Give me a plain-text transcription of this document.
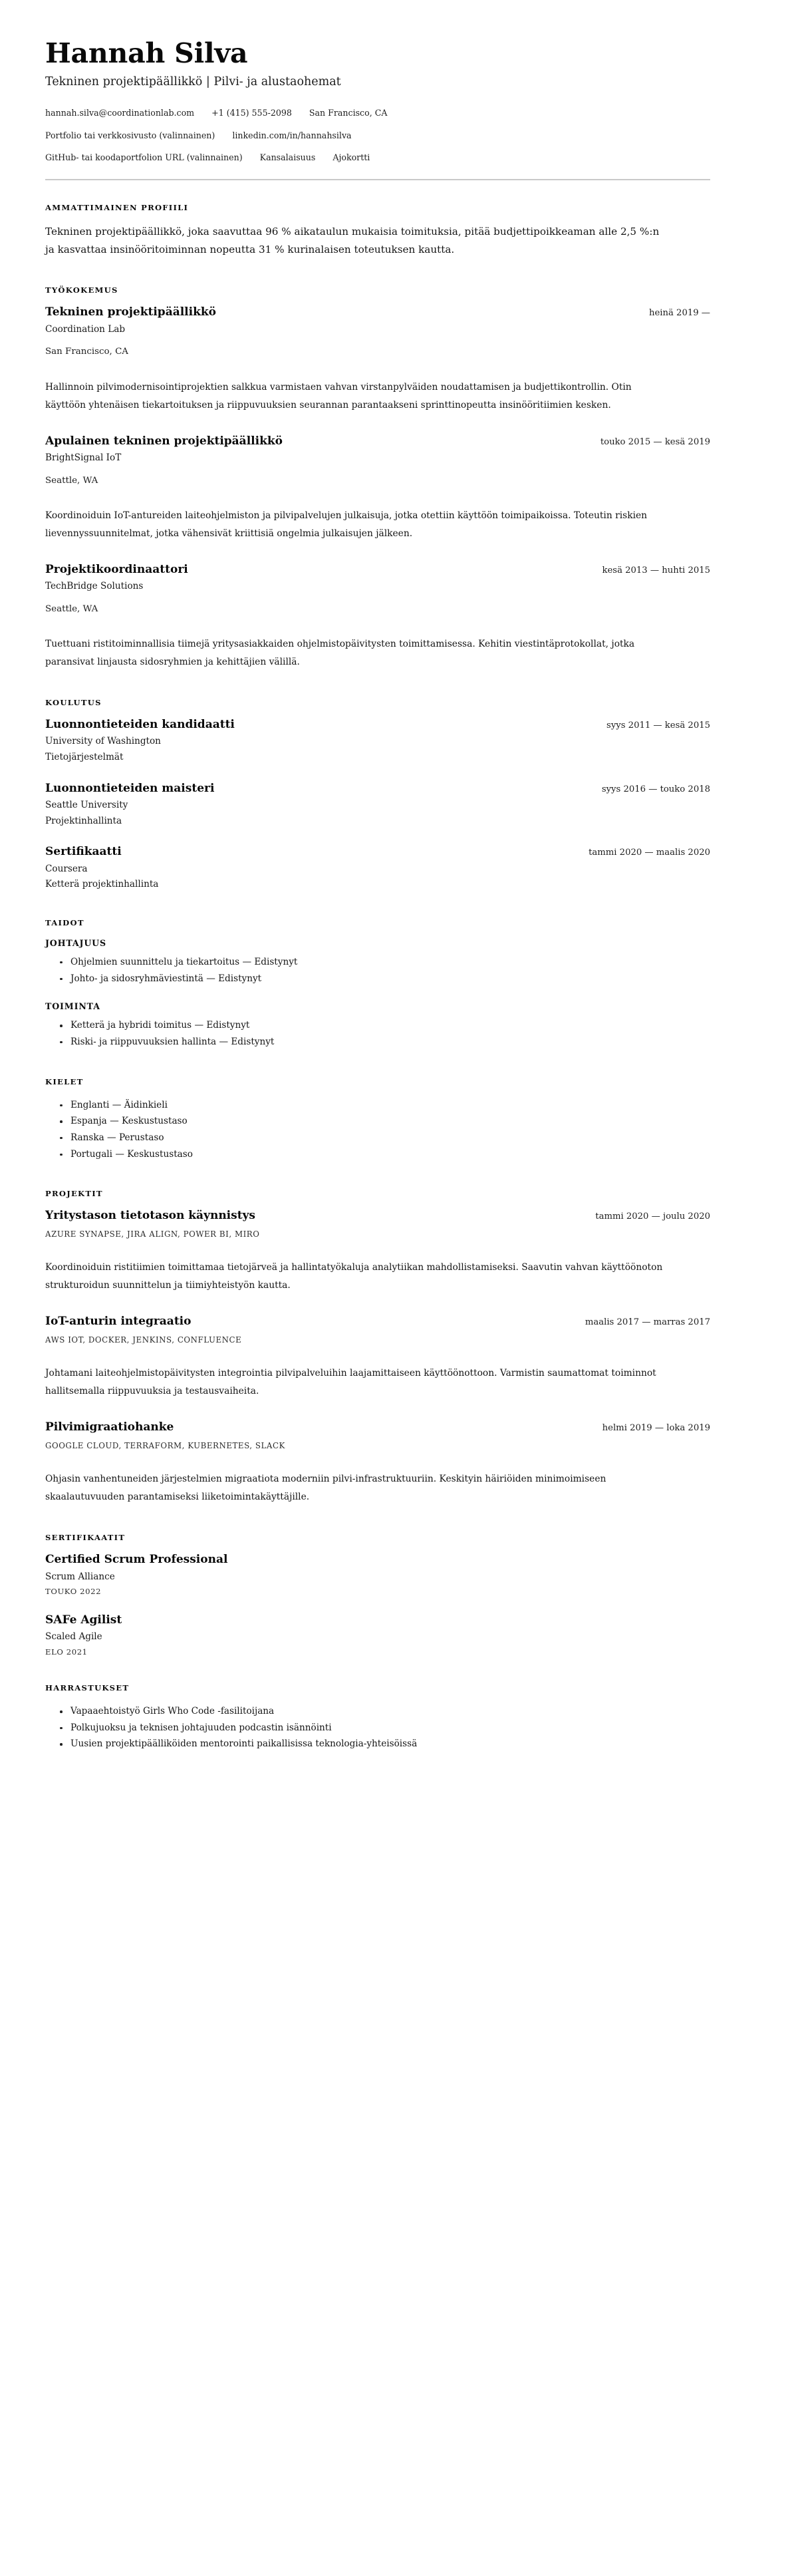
Hannah Silva
Tekninen projektipäällikkö | Pilvi- ja alustaohemat
hannah.silva@coordinationlab.com +1 (415) 555-2098 San Francisco, CA
Portfolio tai verkkosivusto (valinnainen) linkedin.com/in/hannahsilva
GitHub- tai koodaportfolion URL (valinnainen) Kansalaisuus Ajokortti
AMMATTIMAINEN PROFIILI

Tekninen projektipäällikkö, joka saavuttaa 96 % aikataulun mukaisia toimituksia, pitää budjettipoikkeaman alle 2,5 %:n ja kasvattaa insinööritoiminnan nopeutta 31 % kurinalaisen toteutuksen kautta.

TYÖKOKEMUS
Tekninen projektipäällikkö	heinä 2019 —
Coordination Lab
San Francisco, CA
Hallinnoin pilvimodernisointiprojektien salkkua varmistaen vahvan virstanpylväiden noudattamisen ja budjettikontrollin. Otin käyttöön yhtenäisen tiekartoituksen ja riippuvuuksien seurannan parantaakseni sprinttinopeutta insinööritiimien kesken.
Apulainen tekninen projektipäällikkö	touko 2015 — kesä 2019
BrightSignal IoT
Seattle, WA
Koordinoiduin IoT-antureiden laiteohjelmiston ja pilvipalvelujen julkaisuja, jotka otettiin käyttöön toimipaikoissa. Toteutin riskien lievennyssuunnitelmat, jotka vähensivät kriittisiä ongelmia julkaisujen jälkeen.
Projektikoordinaattori	kesä 2013 — huhti 2015
TechBridge Solutions
Seattle, WA
Tuettuani ristitoiminnallisia tiimejä yritysasiakkaiden ohjelmistopäivitysten toimittamisessa. Kehitin viestintäprotokollat, jotka paransivat linjausta sidosryhmien ja kehittäjien välillä.
KOULUTUS
Luonnontieteiden kandidaatti	syys 2011 — kesä 2015
University of Washington
Tietojärjestelmät
Luonnontieteiden maisteri	syys 2016 — touko 2018
Seattle University
Projektinhallinta
Sertifikaatti	tammi 2020 — maalis 2020
Coursera
Ketterä projektinhallinta
TAIDOT
JOHTAJUUS
Ohjelmien suunnittelu ja tiekartoitus — Edistynyt
Johto- ja sidosryhmäviestintä — Edistynyt
TOIMINTA
Ketterä ja hybridi toimitus — Edistynyt
Riski- ja riippuvuuksien hallinta — Edistynyt
KIELET
Englanti — Äidinkieli
Espanja — Keskustustaso
Ranska — Perustaso
Portugali — Keskustustaso
PROJEKTIT
Yritystason tietotason käynnistys	tammi 2020 — joulu 2020
AZURE SYNAPSE, JIRA ALIGN, POWER BI, MIRO
Koordinoiduin ristitiimien toimittamaa tietojärveä ja hallintatyökaluja analytiikan mahdollistamiseksi. Saavutin vahvan käyttöönoton strukturoidun suunnittelun ja tiimiyhteistyön kautta.
IoT-anturin integraatio	maalis 2017 — marras 2017
AWS IOT, DOCKER, JENKINS, CONFLUENCE
Johtamani laiteohjelmistopäivitysten integrointia pilvipalveluihin laajamittaiseen käyttöönottoon. Varmistin saumattomat toiminnot hallitsemalla riippuvuuksia ja testausvaiheita.
Pilvimigraatiohanke	helmi 2019 — loka 2019
GOOGLE CLOUD, TERRAFORM, KUBERNETES, SLACK
Ohjasin vanhentuneiden järjestelmien migraatiota moderniin pilvi-infrastruktuuriin. Keskityin häiriöiden minimoimiseen skaalautuvuuden parantamiseksi liiketoimintakäyttäjille.
SERTIFIKAATIT
Certified Scrum Professional
Scrum Alliance
TOUKO 2022
SAFe Agilist
Scaled Agile
ELO 2021
HARRASTUKSET
Vapaaehtoistyö Girls Who Code -fasilitoijana
Polkujuoksu ja teknisen johtajuuden podcastin isännöinti
Uusien projektipäälliköiden mentorointi paikallisissa teknologia-yhteisöissä
